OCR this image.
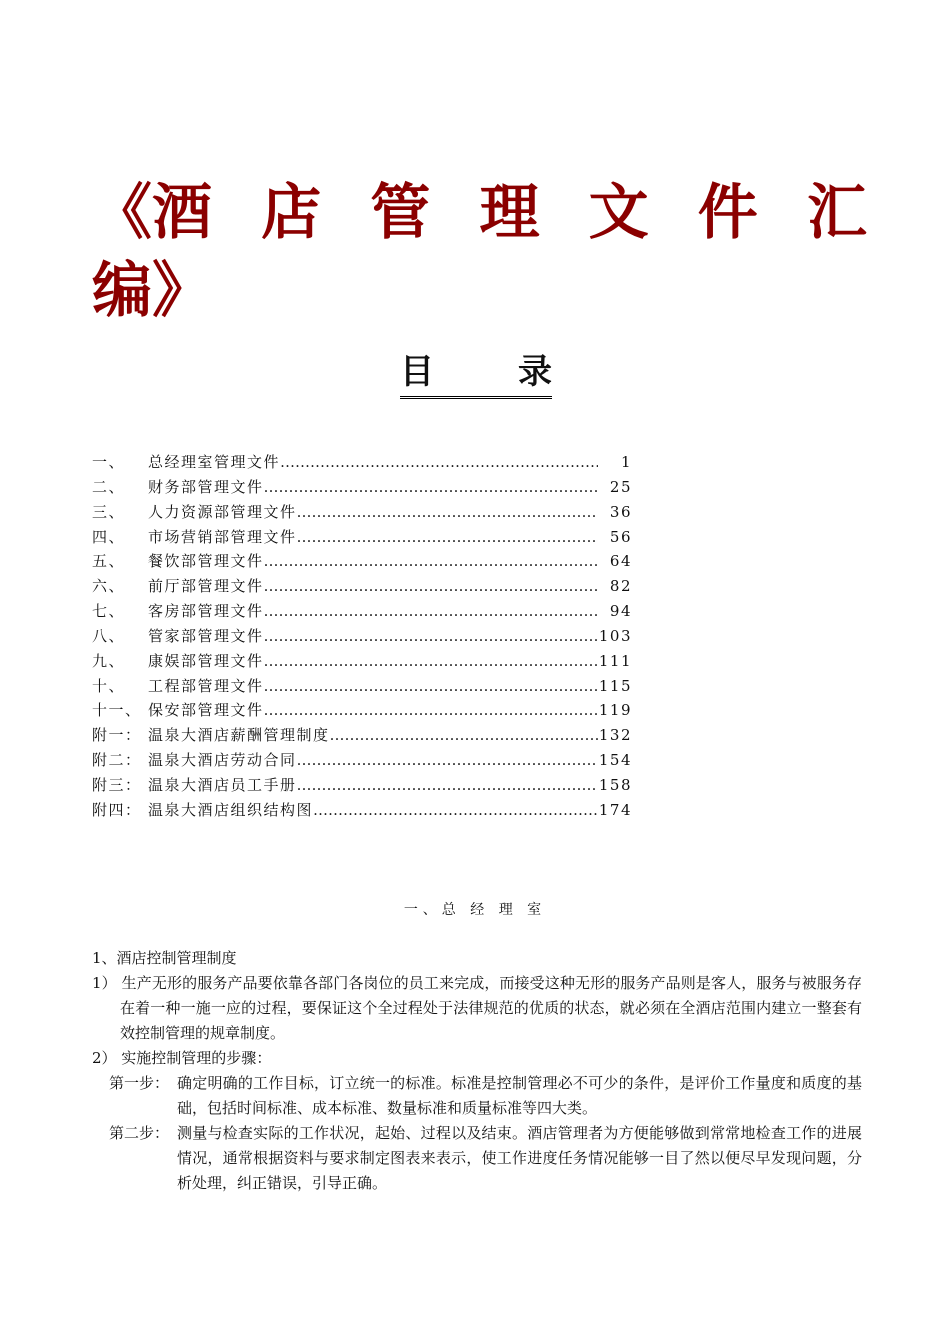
《酒 店 管 理 文 件 汇
编》
目 录
一、	总经理室管理文件 …………………………………………………………………………………………………………………………	1
二、	财务部管理文件 …………………………………………………………………………………………………………………………	25
三、	人力资源部管理文件 …………………………………………………………………………………………………………………………	36
四、	市场营销部管理文件 …………………………………………………………………………………………………………………………	56
五、	餐饮部管理文件 …………………………………………………………………………………………………………………………	64
六、	前厅部管理文件 …………………………………………………………………………………………………………………………	82
七、	客房部管理文件 …………………………………………………………………………………………………………………………	94
八、	管家部管理文件 …………………………………………………………………………………………………………………………	103
九、	康娱部管理文件 …………………………………………………………………………………………………………………………	111
十、	工程部管理文件 …………………………………………………………………………………………………………………………	115
十一、 保安部管理文件 …………………………………………………………………………………………………………………………	119
附一： 温泉大酒店薪酬管理制度 …………………………………………………………………………………………………………………………	132
附二： 温泉大酒店劳动合同 …………………………………………………………………………………………………………………………	154
附三： 温泉大酒店员工手册 …………………………………………………………………………………………………………………………	158
附四： 温泉大酒店组织结构图 …………………………………………………………………………………………………………………………	174
一、总 经 理 室
1、酒店控制管理制度
1） 生产无形的服务产品要依靠各部门各岗位的员工来完成，而接受这种无形的服务产品则是客人，服务与被服务存在着一种一施一应的过程，要保证这个全过程处于法律规范的优质的状态，就必须在全酒店范围内建立一整套有效控制管理的规章制度。
2） 实施控制管理的步骤：
第一步： 确定明确的工作目标，订立统一的标准。标准是控制管理必不可少的条件，是评价工作量度和质度的基础，包括时间标准、成本标准、数量标准和质量标准等四大类。
第二步： 测量与检查实际的工作状况，起始、过程以及结束。酒店管理者为方便能够做到常常地检查工作的进展情况，通常根据资料与要求制定图表来表示，使工作进度任务情况能够一目了然以便尽早发现问题，分析处理，纠正错误，引导正确。
